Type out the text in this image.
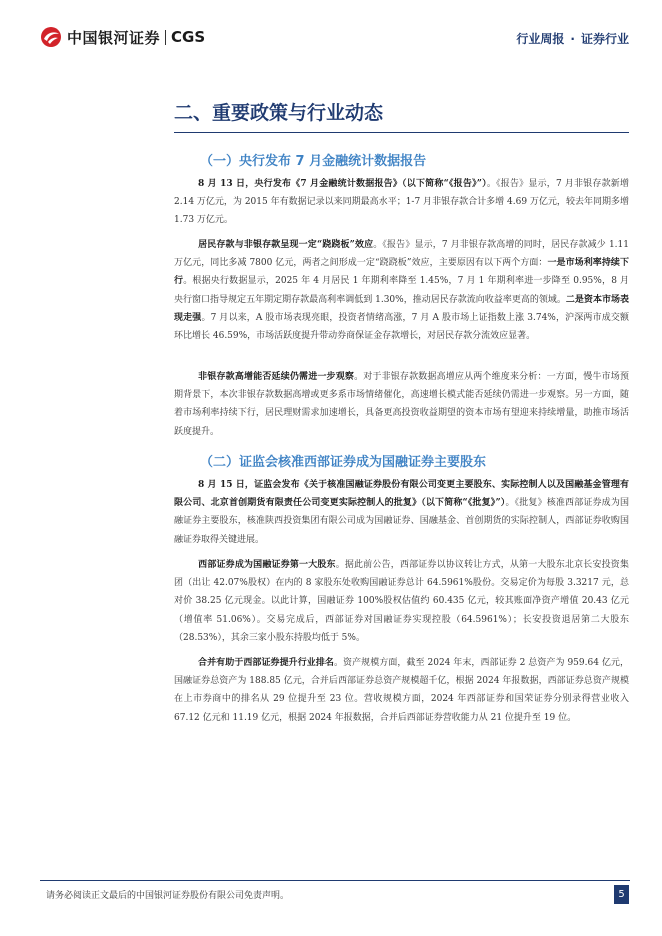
中国银河证券 CGS	行业周报 · 证券行业
二、重要政策与行业动态
（一）央行发布 7 月金融统计数据报告
8 月 13 日，央行发布《7 月金融统计数据报告》（以下简称“《报告》”）。《报告》显示，7 月非银存款新增 2.14 万亿元，为 2015 年有数据记录以来同期最高水平；1-7 月非银存款合计多增 4.69 万亿元，较去年同期多增 1.73 万亿元。
居民存款与非银存款呈现一定“跷跷板”效应。《报告》显示，7 月非银存款高增的同时，居民存款减少 1.11 万亿元，同比多减 7800 亿元，两者之间形成一定“跷跷板”效应，主要原因有以下两个方面：一是市场利率持续下行。根据央行数据显示，2025 年 4 月居民 1 年期利率降至 1.45%，7 月 1 年期利率进一步降至 0.95%，8 月央行窗口指导规定五年期定期存款最高利率调低到 1.30%，推动居民存款流向收益率更高的领域。二是资本市场表现走强。7 月以来，A 股市场表现亮眼，投资者情绪高涨，7 月 A 股市场上证指数上涨 3.74%，沪深两市成交额环比增长 46.59%，市场活跃度提升带动券商保证金存款增长，对居民存款分流效应显著。
非银存款高增能否延续仍需进一步观察。对于非银存款数据高增应从两个维度来分析：一方面，慢牛市场预期背景下，本次非银存款数据高增或更多系市场情绪催化，高速增长模式能否延续仍需进一步观察。另一方面，随着市场利率持续下行，居民理财需求加速增长，具备更高投资收益期望的资本市场有望迎来持续增量，助推市场活跃度提升。
（二）证监会核准西部证券成为国融证券主要股东
8 月 15 日，证监会发布《关于核准国融证券股份有限公司变更主要股东、实际控制人以及国融基金管理有限公司、北京首创期货有限责任公司变更实际控制人的批复》（以下简称“《批复》”）。《批复》核准西部证券成为国融证券主要股东，核准陕西投资集团有限公司成为国融证券、国融基金、首创期货的实际控制人，西部证券收购国融证券取得关键进展。
西部证券成为国融证券第一大股东。据此前公告，西部证券以协议转让方式，从第一大股东北京长安投资集团（出让 42.07%股权）在内的 8 家股东处收购国融证券总计 64.5961%股份。交易定价为每股 3.3217 元，总对价 38.25 亿元现金。以此计算，国融证券 100%股权估值约 60.435 亿元，较其账面净资产增值 20.43 亿元（增值率 51.06%）。交易完成后，西部证券对国融证券实现控股（64.5961%）；长安投资退居第二大股东（28.53%），其余三家小股东持股均低于 5%。
合并有助于西部证券提升行业排名。资产规模方面，截至 2024 年末，西部证券 2 总资产为 959.64 亿元，国融证券总资产为 188.85 亿元，合并后西部证券总资产规模超千亿，根据 2024 年报数据，西部证券总资产规模在上市券商中的排名从 29 位提升至 23 位。营收规模方面，2024 年西部证券和国荣证券分别录得营业收入 67.12 亿元和 11.19 亿元，根据 2024 年报数据，合并后西部证券营收能力从 21 位提升至 19 位。
请务必阅读正文最后的中国银河证券股份有限公司免责声明。	5
